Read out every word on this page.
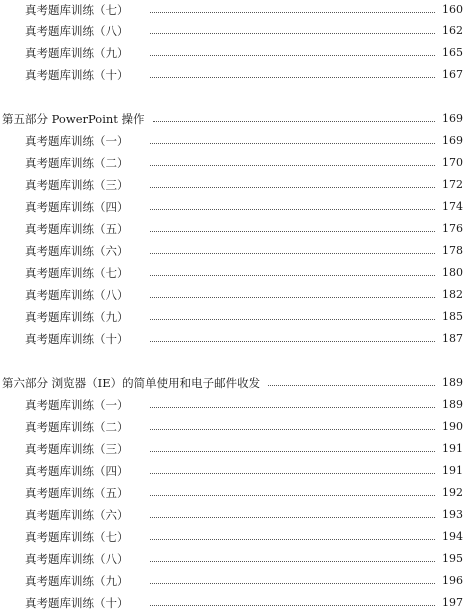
真考题库训练（七）	160
真考题库训练（八）	162
真考题库训练（九）	165
真考题库训练（十）	167
第五部分 PowerPoint 操作	169
真考题库训练（一）	169
真考题库训练（二）	170
真考题库训练（三）	172
真考题库训练（四）	174
真考题库训练（五）	176
真考题库训练（六）	178
真考题库训练（七）	180
真考题库训练（八）	182
真考题库训练（九）	185
真考题库训练（十）	187
第六部分 浏览器（IE）的简单使用和电子邮件收发	189
真考题库训练（一）	189
真考题库训练（二）	190
真考题库训练（三）	191
真考题库训练（四）	191
真考题库训练（五）	192
真考题库训练（六）	193
真考题库训练（七）	194
真考题库训练（八）	195
真考题库训练（九）	196
真考题库训练（十）	197
